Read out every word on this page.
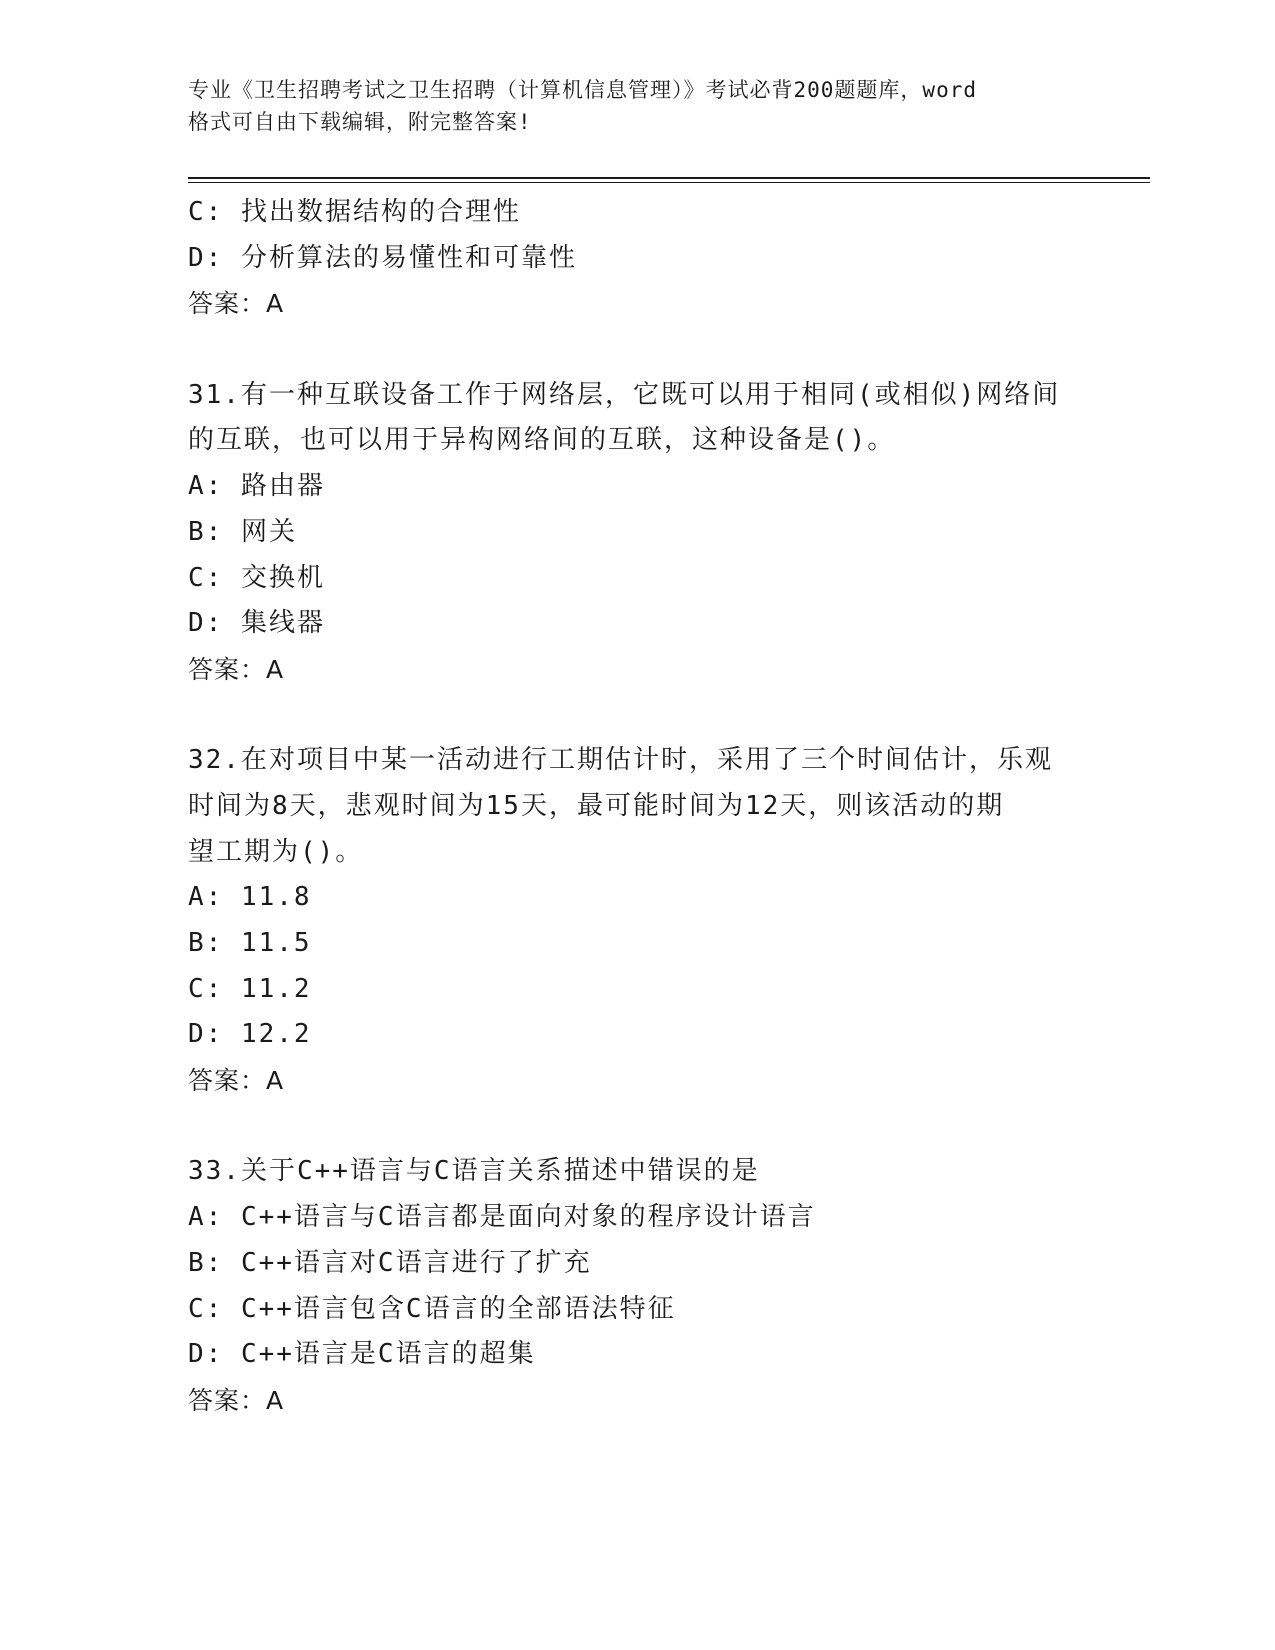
专业《卫生招聘考试之卫生招聘（计算机信息管理）》考试必背200题题库，word
格式可自由下载编辑，附完整答案!
C: 找出数据结构的合理性
D: 分析算法的易懂性和可靠性
答案：A
31.有一种互联设备工作于网络层，它既可以用于相同(或相似)网络间
的互联，也可以用于异构网络间的互联，这种设备是()。
A: 路由器
B: 网关
C: 交换机
D: 集线器
答案：A
32.在对项目中某一活动进行工期估计时，采用了三个时间估计，乐观
时间为8天，悲观时间为15天，最可能时间为12天，则该活动的期
望工期为()。
A: 11.8
B: 11.5
C: 11.2
D: 12.2
答案：A
33.关于C++语言与C语言关系描述中错误的是
A: C++语言与C语言都是面向对象的程序设计语言
B: C++语言对C语言进行了扩充
C: C++语言包含C语言的全部语法特征
D: C++语言是C语言的超集
答案：A
